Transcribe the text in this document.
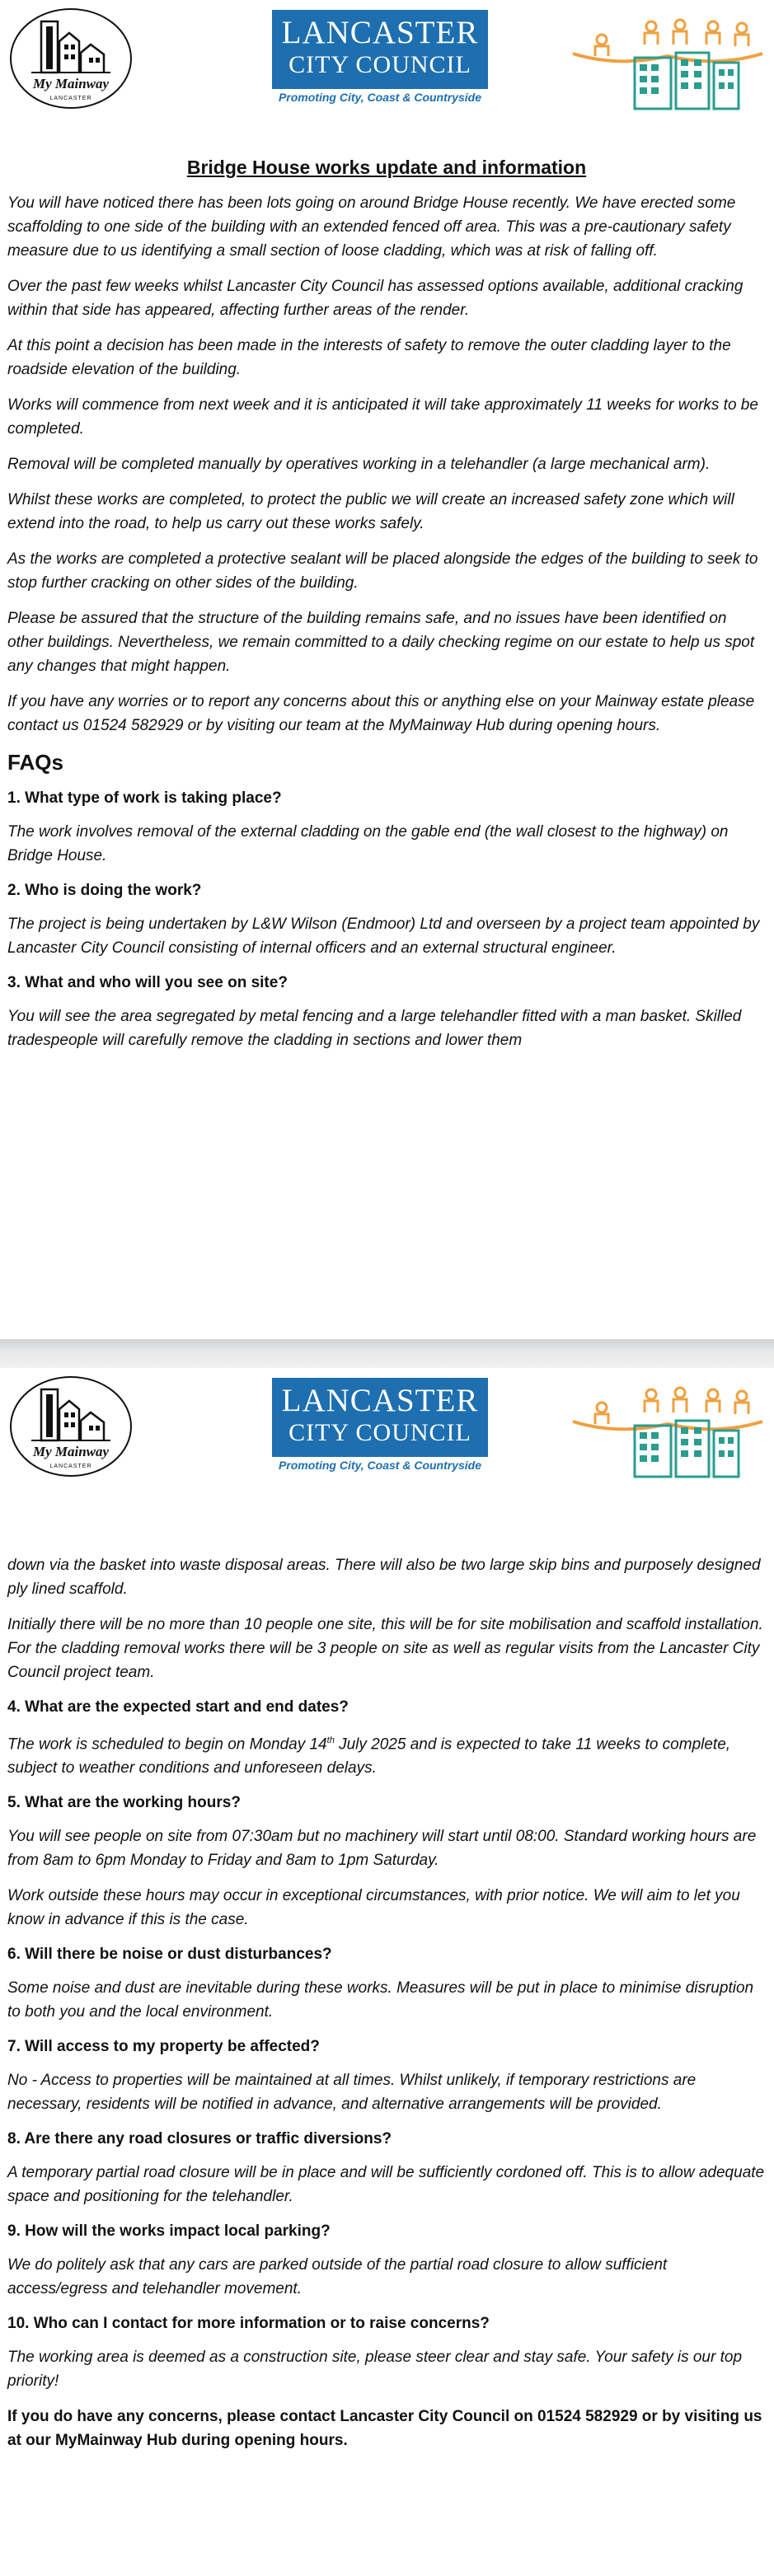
My Mainway
LANCASTER
LANCASTER
CITY COUNCIL
Promoting City, Coast & Countryside
Bridge House works update and information

You will have noticed there has been lots going on around Bridge House recently. We have erected some scaffolding to one side of the building with an extended fenced off area. This was a pre-cautionary safety measure due to us identifying a small section of loose cladding, which was at risk of falling off.

Over the past few weeks whilst Lancaster City Council has assessed options available, additional cracking within that side has appeared, affecting further areas of the render.

At this point a decision has been made in the interests of safety to remove the outer cladding layer to the roadside elevation of the building.

Works will commence from next week and it is anticipated it will take approximately 11 weeks for works to be completed.

Removal will be completed manually by operatives working in a telehandler (a large mechanical arm).

Whilst these works are completed, to protect the public we will create an increased safety zone which will extend into the road, to help us carry out these works safely.

As the works are completed a protective sealant will be placed alongside the edges of the building to seek to stop further cracking on other sides of the building.

Please be assured that the structure of the building remains safe, and no issues have been identified on other buildings. Nevertheless, we remain committed to a daily checking regime on our estate to help us spot any changes that might happen.

If you have any worries or to report any concerns about this or anything else on your Mainway estate please contact us 01524 582929 or by visiting our team at the MyMainway Hub during opening hours.

FAQs
1. What type of work is taking place?

The work involves removal of the external cladding on the gable end (the wall closest to the highway) on Bridge House.

2. Who is doing the work?

The project is being undertaken by L&W Wilson (Endmoor) Ltd and overseen by a project team appointed by Lancaster City Council consisting of internal officers and an external structural engineer.

3. What and who will you see on site?

You will see the area segregated by metal fencing and a large telehandler fitted with a man basket. Skilled tradespeople will carefully remove the cladding in sections and lower them

My Mainway
LANCASTER
LANCASTER
CITY COUNCIL
Promoting City, Coast & Countryside

down via the basket into waste disposal areas. There will also be two large skip bins and purposely designed ply lined scaffold.

Initially there will be no more than 10 people one site, this will be for site mobilisation and scaffold installation. For the cladding removal works there will be 3 people on site as well as regular visits from the Lancaster City Council project team.

4. What are the expected start and end dates?

The work is scheduled to begin on Monday 14th July 2025 and is expected to take 11 weeks to complete, subject to weather conditions and unforeseen delays.

5. What are the working hours?

You will see people on site from 07:30am but no machinery will start until 08:00. Standard working hours are from 8am to 6pm Monday to Friday and 8am to 1pm Saturday.

Work outside these hours may occur in exceptional circumstances, with prior notice. We will aim to let you know in advance if this is the case.

6. Will there be noise or dust disturbances?

Some noise and dust are inevitable during these works. Measures will be put in place to minimise disruption to both you and the local environment.

7. Will access to my property be affected?

No - Access to properties will be maintained at all times. Whilst unlikely, if temporary restrictions are necessary, residents will be notified in advance, and alternative arrangements will be provided.

8. Are there any road closures or traffic diversions?

A temporary partial road closure will be in place and will be sufficiently cordoned off. This is to allow adequate space and positioning for the telehandler.

9. How will the works impact local parking?

We do politely ask that any cars are parked outside of the partial road closure to allow sufficient access/egress and telehandler movement.

10. Who can I contact for more information or to raise concerns?

The working area is deemed as a construction site, please steer clear and stay safe. Your safety is our top priority!

If you do have any concerns, please contact Lancaster City Council on 01524 582929 or by visiting us at our MyMainway Hub during opening hours.
